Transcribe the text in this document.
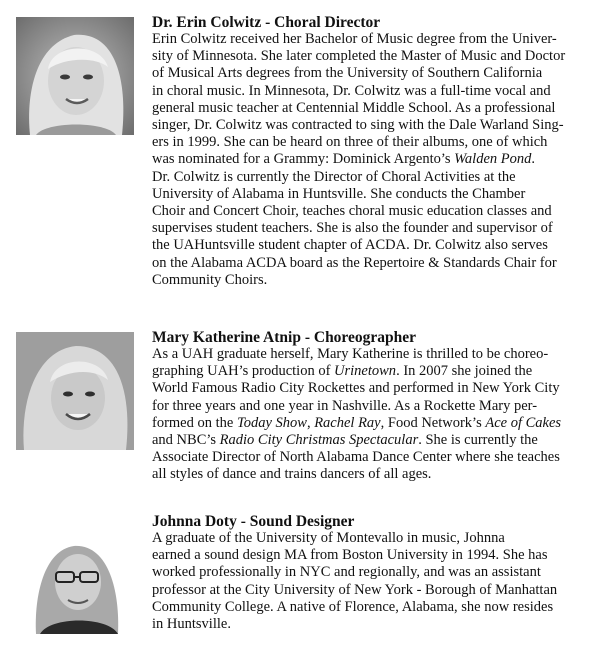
Dr. Erin Colwitz - Choral Director

Erin Colwitz received her Bachelor of Music degree from the Univer-
sity of Minnesota. She later completed the Master of Music and Doctor
of Musical Arts degrees from the University of Southern California
in choral music. In Minnesota, Dr. Colwitz was a full-time vocal and
general music teacher at Centennial Middle School. As a professional
singer, Dr. Colwitz was contracted to sing with the Dale Warland Sing-
ers in 1999. She can be heard on three of their albums, one of which
was nominated for a Grammy: Dominick Argento’s Walden Pond.
Dr. Colwitz is currently the Director of Choral Activities at the
University of Alabama in Huntsville. She conducts the Chamber
Choir and Concert Choir, teaches choral music education classes and
supervises student teachers. She is also the founder and supervisor of
the UAHuntsville student chapter of ACDA. Dr. Colwitz also serves
on the Alabama ACDA board as the Repertoire & Standards Chair for
Community Choirs.

Mary Katherine Atnip - Choreographer

As a UAH graduate herself, Mary Katherine is thrilled to be choreo-
graphing UAH’s production of Urinetown. In 2007 she joined the
World Famous Radio City Rockettes and performed in New York City
for three years and one year in Nashville. As a Rockette Mary per-
formed on the Today Show, Rachel Ray, Food Network’s Ace of Cakes
and NBC’s Radio City Christmas Spectacular. She is currently the
Associate Director of North Alabama Dance Center where she teaches
all styles of dance and trains dancers of all ages.

Johnna Doty - Sound Designer

A graduate of the University of Montevallo in music, Johnna
earned a sound design MA from Boston University in 1994. She has
worked professionally in NYC and regionally, and was an assistant
professor at the City University of New York - Borough of Manhattan
Community College. A native of Florence, Alabama, she now resides
in Huntsville.
